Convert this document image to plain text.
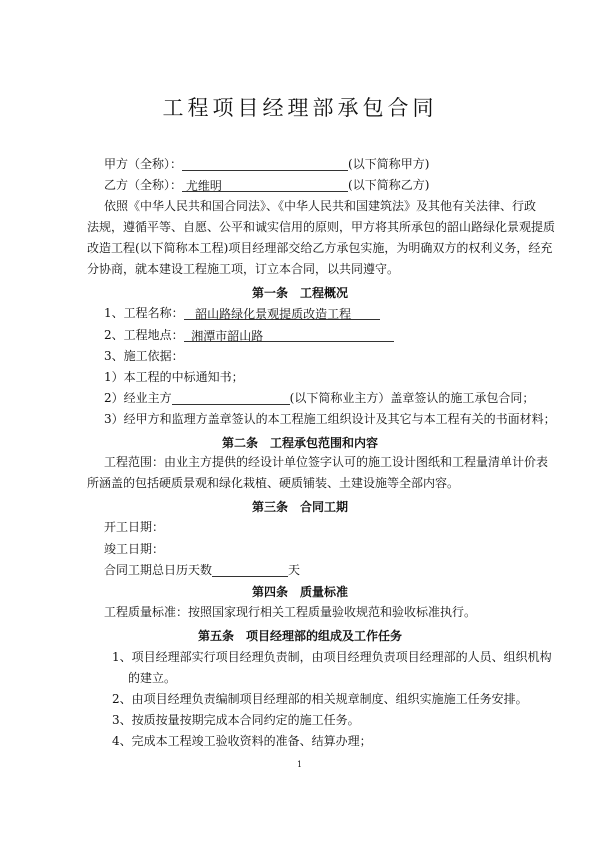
工程项目经理部承包合同
甲方（全称）：	(以下简称甲方)
乙方（全称）： 尤维明	(以下简称乙方)
依照《中华人民共和国合同法》、《中华人民共和国建筑法》及其他有关法律、行政
法规，遵循平等、自愿、公平和诚实信用的原则，甲方将其所承包的韶山路绿化景观提质
改造工程(以下简称本工程)项目经理部交给乙方承包实施，为明确双方的权利义务，经充
分协商，就本建设工程施工项，订立本合同，以共同遵守。
第一条　工程概况
1、工程名称： 韶山路绿化景观提质改造工程
2、工程地点： 湘潭市韶山路
3、施工依据：
1）本工程的中标通知书；
2）经业主方	(以下简称业主方）盖章签认的施工承包合同；
3）经甲方和监理方盖章签认的本工程施工组织设计及其它与本工程有关的书面材料；
第二条　工程承包范围和内容
工程范围：由业主方提供的经设计单位签字认可的施工设计图纸和工程量清单计价表
所涵盖的包括硬质景观和绿化栽植、硬质铺装、土建设施等全部内容。
第三条　合同工期
开工日期：
竣工日期：
合同工期总日历天数	天
第四条　质量标准
工程质量标准：按照国家现行相关工程质量验收规范和验收标准执行。
第五条　项目经理部的组成及工作任务
1、项目经理部实行项目经理负责制，由项目经理负责项目经理部的人员、组织机构
的建立。
2、由项目经理负责编制项目经理部的相关规章制度、组织实施施工任务安排。
3、按质按量按期完成本合同约定的施工任务。
4、完成本工程竣工验收资料的准备、结算办理；
1
